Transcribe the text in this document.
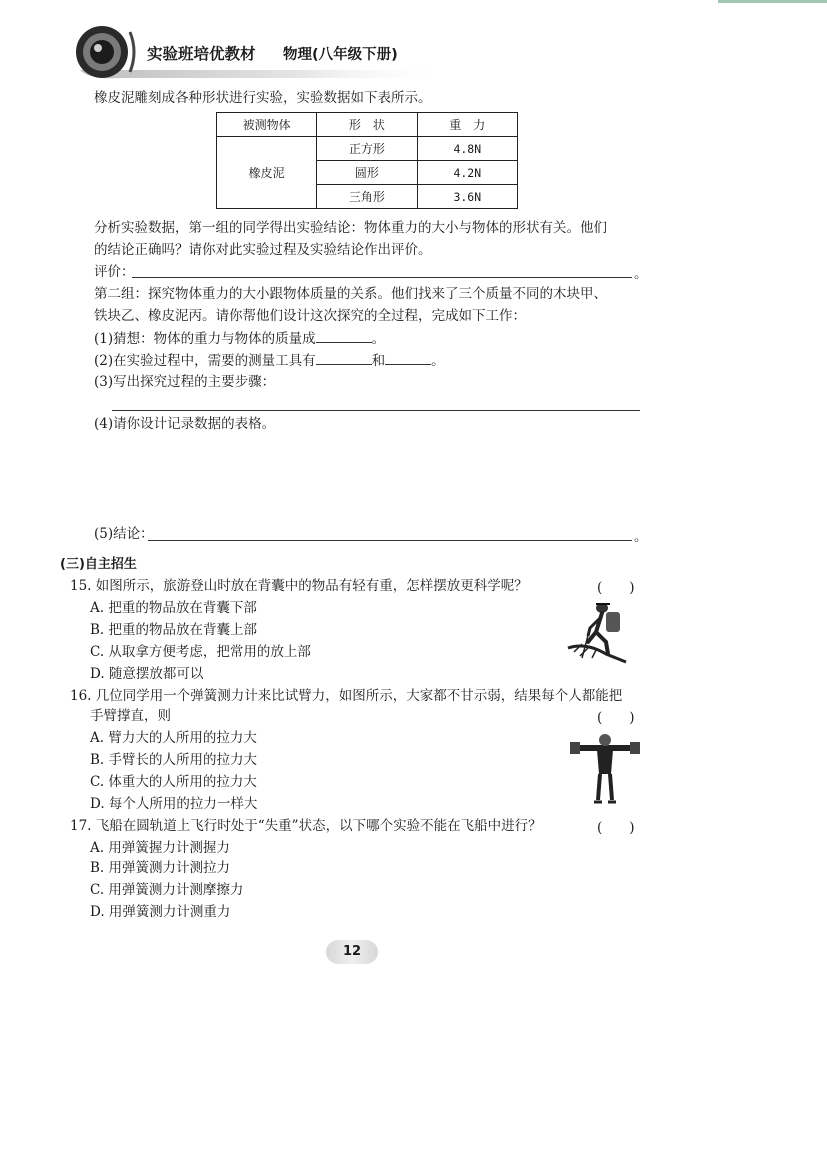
实验班培优教材 物理(八年级下册)
橡皮泥雕刻成各种形状进行实验，实验数据如下表所示。
被测物体	形　状	重　力
橡皮泥	正方形	4.8N
	圆形	4.2N
	三角形	3.6N
分析实验数据，第一组的同学得出实验结论：物体重力的大小与物体的形状有关。他们
的结论正确吗？请你对此实验过程及实验结论作出评价。
评价：	。
第二组：探究物体重力的大小跟物体质量的关系。他们找来了三个质量不同的木块甲、
铁块乙、橡皮泥丙。请你帮他们设计这次探究的全过程，完成如下工作：
(1)猜想：物体的重力与物体的质量成	。
(2)在实验过程中，需要的测量工具有	和	。
(3)写出探究过程的主要步骤：
(4)请你设计记录数据的表格。
(5)结论：	。
(三)自主招生
15. 如图所示，旅游登山时放在背囊中的物品有轻有重，怎样摆放更科学呢？	(　　)
A. 把重的物品放在背囊下部
B. 把重的物品放在背囊上部
C. 从取拿方便考虑，把常用的放上部
D. 随意摆放都可以
16. 几位同学用一个弹簧测力计来比试臂力，如图所示，大家都不甘示弱，结果每个人都能把
手臂撑直，则	(　　)
A. 臂力大的人所用的拉力大
B. 手臂长的人所用的拉力大
C. 体重大的人所用的拉力大
D. 每个人所用的拉力一样大
17. 飞船在圆轨道上飞行时处于“失重”状态，以下哪个实验不能在飞船中进行？	(　　)
A. 用弹簧握力计测握力
B. 用弹簧测力计测拉力
C. 用弹簧测力计测摩擦力
D. 用弹簧测力计测重力
12
